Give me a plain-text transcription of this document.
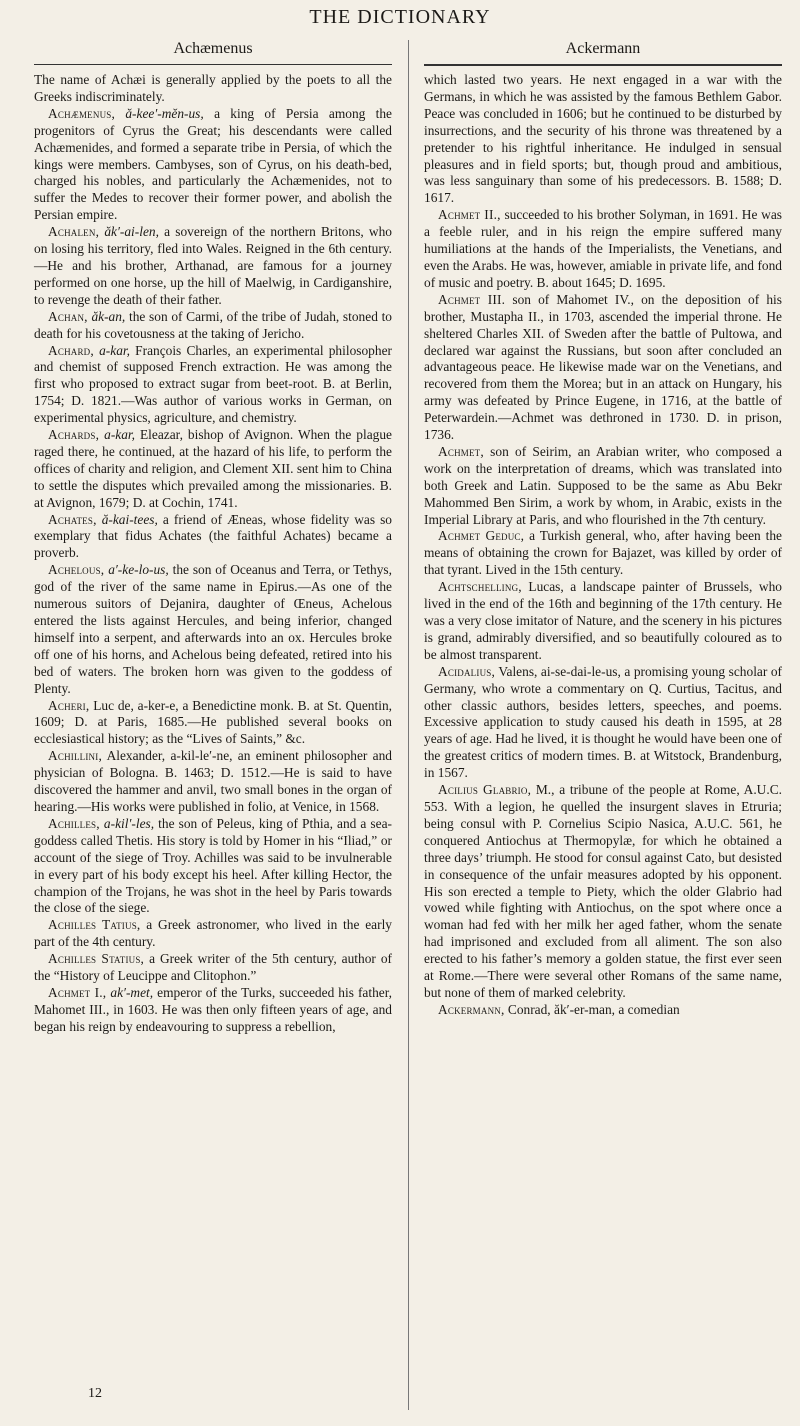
THE DICTIONARY
Achæmenus	Ackermann

The name of Achæi is generally applied by the poets to all the Greeks indiscriminately.

Achæmenus, ă-kee′-mĕn-us, a king of Persia among the progenitors of Cyrus the Great; his descendants were called Achæmenides, and formed a separate tribe in Persia, of which the kings were members. Cambyses, son of Cyrus, on his death-bed, charged his nobles, and particularly the Achæmenides, not to suffer the Medes to recover their former power, and abolish the Persian empire.

Achalen, ăk′-ai-len, a sovereign of the northern Britons, who on losing his territory, fled into Wales. Reigned in the 6th century.—He and his brother, Arthanad, are famous for a journey performed on one horse, up the hill of Maelwig, in Cardiganshire, to revenge the death of their father.

Achan, ăk-an, the son of Carmi, of the tribe of Judah, stoned to death for his covetousness at the taking of Jericho.

Achard, a-kar, François Charles, an experimental philosopher and chemist of supposed French extraction. He was among the first who proposed to extract sugar from beet-root. B. at Berlin, 1754; D. 1821.—Was author of various works in German, on experimental physics, agriculture, and chemistry.

Achards, a-kar, Eleazar, bishop of Avignon. When the plague raged there, he continued, at the hazard of his life, to perform the offices of charity and religion, and Clement XII. sent him to China to settle the disputes which prevailed among the missionaries. B. at Avignon, 1679; D. at Cochin, 1741.

Achates, ă-kai-tees, a friend of Æneas, whose fidelity was so exemplary that fidus Achates (the faithful Achates) became a proverb.

Achelous, a′-ke-lo-us, the son of Oceanus and Terra, or Tethys, god of the river of the same name in Epirus.—As one of the numerous suitors of Dejanira, daughter of Œneus, Achelous entered the lists against Hercules, and being inferior, changed himself into a serpent, and afterwards into an ox. Hercules broke off one of his horns, and Achelous being defeated, retired into his bed of waters. The broken horn was given to the goddess of Plenty.

Acheri, Luc de, a-ker-e, a Benedictine monk. B. at St. Quentin, 1609; D. at Paris, 1685.—He published several books on ecclesiastical history; as the “Lives of Saints,” &c.

Achillini, Alexander, a-kil-le′-ne, an eminent philosopher and physician of Bologna. B. 1463; D. 1512.—He is said to have discovered the hammer and anvil, two small bones in the organ of hearing.—His works were published in folio, at Venice, in 1568.

Achilles, a-kil′-les, the son of Peleus, king of Pthia, and a sea-goddess called Thetis. His story is told by Homer in his “Iliad,” or account of the siege of Troy. Achilles was said to be invulnerable in every part of his body except his heel. After killing Hector, the champion of the Trojans, he was shot in the heel by Paris towards the close of the siege.

Achilles Tatius, a Greek astronomer, who lived in the early part of the 4th century.

Achilles Statius, a Greek writer of the 5th century, author of the “History of Leucippe and Clitophon.”

Achmet I., ak′-met, emperor of the Turks, succeeded his father, Mahomet III., in 1603. He was then only fifteen years of age, and began his reign by endeavouring to suppress a rebellion,

which lasted two years. He next engaged in a war with the Germans, in which he was assisted by the famous Bethlem Gabor. Peace was concluded in 1606; but he continued to be disturbed by insurrections, and the security of his throne was threatened by a pretender to his rightful inheritance. He indulged in sensual pleasures and in field sports; but, though proud and ambitious, was less sanguinary than some of his predecessors. B. 1588; D. 1617.

Achmet II., succeeded to his brother Solyman, in 1691. He was a feeble ruler, and in his reign the empire suffered many humiliations at the hands of the Imperialists, the Venetians, and even the Arabs. He was, however, amiable in private life, and fond of music and poetry. B. about 1645; D. 1695.

Achmet III. son of Mahomet IV., on the deposition of his brother, Mustapha II., in 1703, ascended the imperial throne. He sheltered Charles XII. of Sweden after the battle of Pultowa, and declared war against the Russians, but soon after concluded an advantageous peace. He likewise made war on the Venetians, and recovered from them the Morea; but in an attack on Hungary, his army was defeated by Prince Eugene, in 1716, at the battle of Peterwardein.—Achmet was dethroned in 1730. D. in prison, 1736.

Achmet, son of Seirim, an Arabian writer, who composed a work on the interpretation of dreams, which was translated into both Greek and Latin. Supposed to be the same as Abu Bekr Mahommed Ben Sirim, a work by whom, in Arabic, exists in the Imperial Library at Paris, and who flourished in the 7th century.

Achmet Geduc, a Turkish general, who, after having been the means of obtaining the crown for Bajazet, was killed by order of that tyrant. Lived in the 15th century.

Achtschelling, Lucas, a landscape painter of Brussels, who lived in the end of the 16th and beginning of the 17th century. He was a very close imitator of Nature, and the scenery in his pictures is grand, admirably diversified, and so beautifully coloured as to be almost transparent.

Acidalius, Valens, ai-se-dai-le-us, a promising young scholar of Germany, who wrote a commentary on Q. Curtius, Tacitus, and other classic authors, besides letters, speeches, and poems. Excessive application to study caused his death in 1595, at 28 years of age. Had he lived, it is thought he would have been one of the greatest critics of modern times. B. at Witstock, Brandenburg, in 1567.

Acilius Glabrio, M., a tribune of the people at Rome, A.U.C. 553. With a legion, he quelled the insurgent slaves in Etruria; being consul with P. Cornelius Scipio Nasica, A.U.C. 561, he conquered Antiochus at Thermopylæ, for which he obtained a three days’ triumph. He stood for consul against Cato, but desisted in consequence of the unfair measures adopted by his opponent. His son erected a temple to Piety, which the older Glabrio had vowed while fighting with Antiochus, on the spot where once a woman had fed with her milk her aged father, whom the senate had imprisoned and excluded from all aliment. The son also erected to his father’s memory a golden statue, the first ever seen at Rome.—There were several other Romans of the same name, but none of them of marked celebrity.

Ackermann, Conrad, ăk′-er-man, a comedian

12
